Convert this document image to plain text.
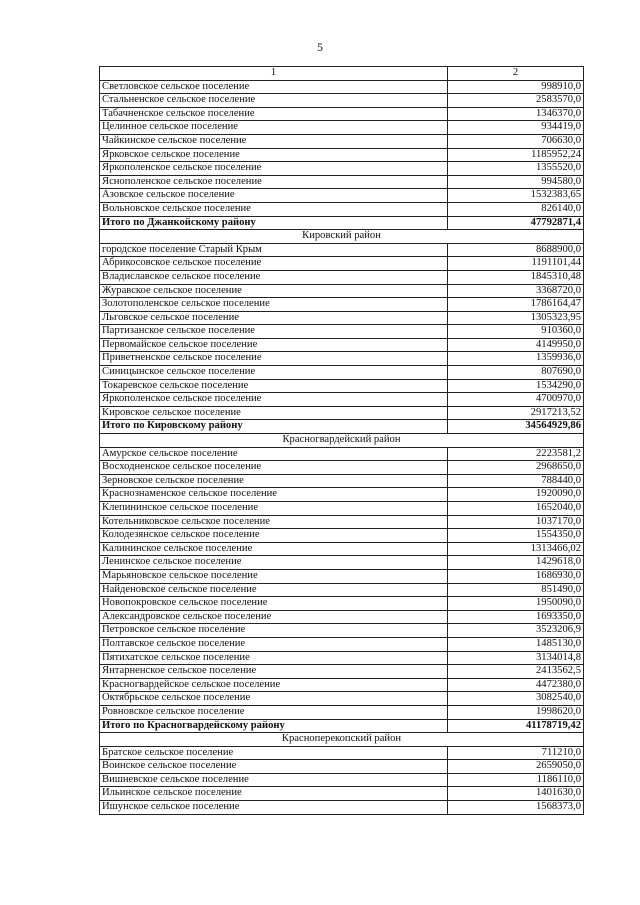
5
1	2
Светловское сельское поселение	998910,0
Стальненское сельское поселение	2583570,0
Табачненское сельское поселение	1346370,0
Целинное сельское поселение	934419,0
Чайкинское сельское поселение	706630,0
Ярковское сельское поселение	1185952,24
Яркополенское сельское поселение	1355520,0
Яснополенское сельское поселение	994580,0
Азовское сельское поселение	1532383,65
Вольновское сельское поселение	826140,0
Итого по Джанкойскому району	47792871,4
Кировский район	
городское поселение Старый Крым	8688900,0
Абрикосовское сельское поселение	1191101,44
Владиславское сельское поселение	1845310,48
Журавское сельское поселение	3368720,0
Золотополенское сельское поселение	1786164,47
Льговское сельское поселение	1305323,95
Партизанское сельское поселение	910360,0
Первомайское сельское поселение	4149950,0
Приветненское сельское поселение	1359936,0
Синицынское сельское поселение	807690,0
Токаревское сельское поселение	1534290,0
Яркополенское сельское поселение	4700970,0
Кировское сельское поселение	2917213,52
Итого по Кировскому району	34564929,86
Красногвардейский район	
Амурское сельское поселение	2223581,2
Восходненское сельское поселение	2968650,0
Зерновское сельское поселение	788440,0
Краснознаменское сельское поселение	1920090,0
Клепининское сельское поселение	1652040,0
Котельниковское сельское поселение	1037170,0
Колодезянское сельское поселение	1554350,0
Калининское сельское поселение	1313466,02
Ленинское сельское поселение	1429618,0
Марьяновское сельское поселение	1686930,0
Найденовское сельское поселение	851490,0
Новопокровское сельское поселение	1950090,0
Александровское сельское поселение	1693350,0
Петровское сельское поселение	3523206,9
Полтавское сельское поселение	1485130,0
Пятихатское сельское поселение	3134014,8
Янтарненское сельское поселение	2413562,5
Красногвардейское сельское поселение	4472380,0
Октябрьское сельское поселение	3082540,0
Ровновское сельское поселение	1998620,0
Итого по Красногвардейскому району	41178719,42
Красноперекопский район	
Братское сельское поселение	711210,0
Воинское сельское поселение	2659050,0
Вишневское сельское поселение	1186110,0
Ильинское сельское поселение	1401630,0
Ишунское сельское поселение	1568373,0
